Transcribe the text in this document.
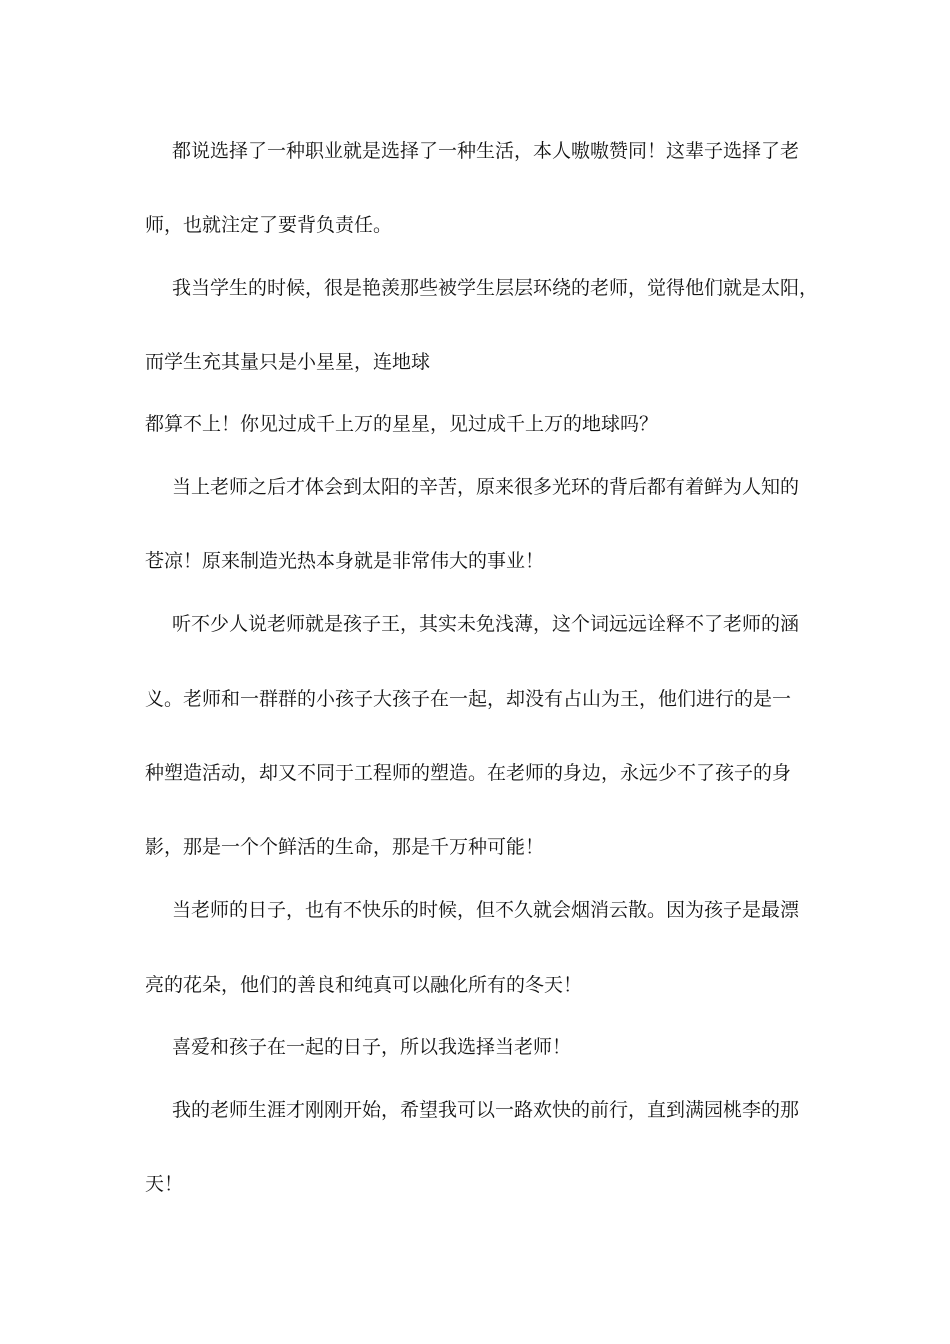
都说选择了一种职业就是选择了一种生活，本人嗷嗷赞同！这辈子选择了老
师，也就注定了要背负责任。
我当学生的时候，很是艳羡那些被学生层层环绕的老师，觉得他们就是太阳，
而学生充其量只是小星星，连地球
都算不上！你见过成千上万的星星，见过成千上万的地球吗？
当上老师之后才体会到太阳的辛苦，原来很多光环的背后都有着鲜为人知的
苍凉！原来制造光热本身就是非常伟大的事业！
听不少人说老师就是孩子王，其实未免浅薄，这个词远远诠释不了老师的涵
义。老师和一群群的小孩子大孩子在一起，却没有占山为王，他们进行的是一
种塑造活动，却又不同于工程师的塑造。在老师的身边，永远少不了孩子的身
影，那是一个个鲜活的生命，那是千万种可能！
当老师的日子，也有不快乐的时候，但不久就会烟消云散。因为孩子是最漂
亮的花朵，他们的善良和纯真可以融化所有的冬天！
喜爱和孩子在一起的日子，所以我选择当老师！
我的老师生涯才刚刚开始，希望我可以一路欢快的前行，直到满园桃李的那
天！
